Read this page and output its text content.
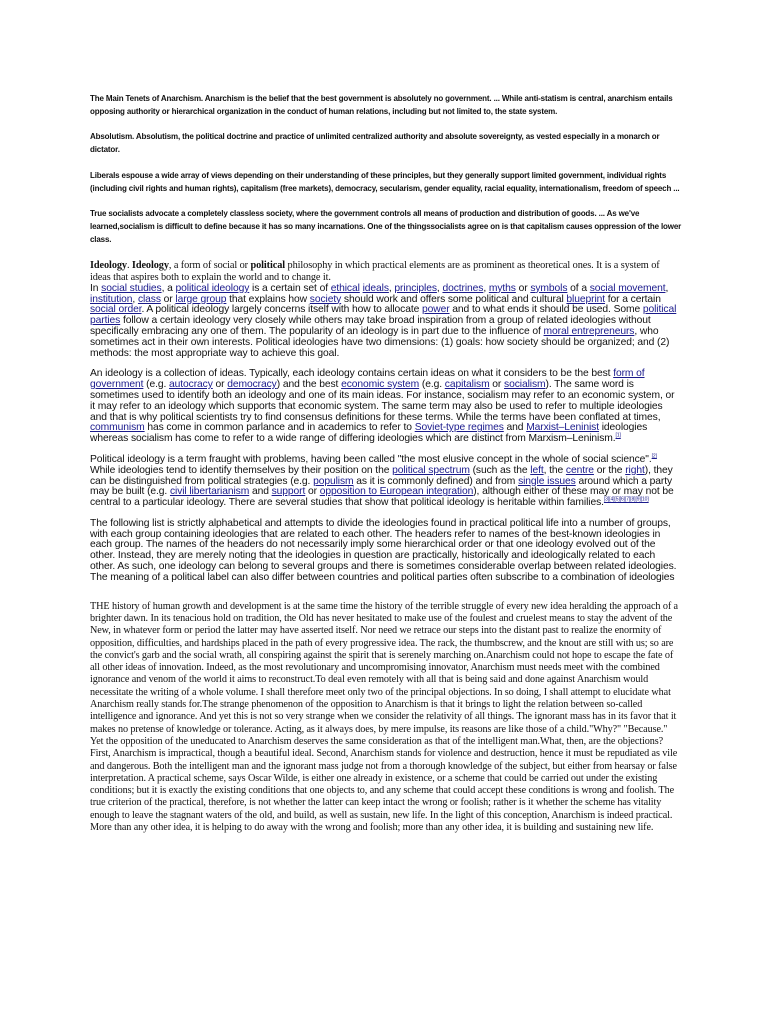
The Main Tenets of Anarchism. Anarchism is the belief that the best government is absolutely no government. ... While anti-statism is central, anarchism entails opposing authority or hierarchical organization in the conduct of human relations, including but not limited to, the state system.

Absolutism. Absolutism, the political doctrine and practice of unlimited centralized authority and absolute sovereignty, as vested especially in a monarch or dictator.

Liberals espouse a wide array of views depending on their understanding of these principles, but they generally support limited government, individual rights (including civil rights and human rights), capitalism (free markets), democracy, secularism, gender equality, racial equality, internationalism, freedom of speech ...

True socialists advocate a completely classless society, where the government controls all means of production and distribution of goods. ... As we've learned,socialism is difficult to define because it has so many incarnations. One of the thingssocialists agree on is that capitalism causes oppression of the lower class.

Ideology. Ideology, a form of social or political philosophy in which practical elements are as prominent as theoretical ones. It is a system of ideas that aspires both to explain the world and to change it.
In social studies, a political ideology is a certain set of ethical ideals, principles, doctrines, myths or symbols of a social movement, institution, class or large group that explains how society should work and offers some political and cultural blueprint for a certain social order. A political ideology largely concerns itself with how to allocate power and to what ends it should be used. Some political parties follow a certain ideology very closely while others may take broad inspiration from a group of related ideologies without specifically embracing any one of them. The popularity of an ideology is in part due to the influence of moral entrepreneurs, who sometimes act in their own interests. Political ideologies have two dimensions: (1) goals: how society should be organized; and (2) methods: the most appropriate way to achieve this goal.

An ideology is a collection of ideas. Typically, each ideology contains certain ideas on what it considers to be the best form of government (e.g. autocracy or democracy) and the best economic system (e.g. capitalism or socialism). The same word is sometimes used to identify both an ideology and one of its main ideas. For instance, socialism may refer to an economic system, or it may refer to an ideology which supports that economic system. The same term may also be used to refer to multiple ideologies and that is why political scientists try to find consensus definitions for these terms. While the terms have been conflated at times, communism has come in common parlance and in academics to refer to Soviet-type regimes and Marxist–Leninist ideologies whereas socialism has come to refer to a wide range of differing ideologies which are distinct from Marxism–Leninism.[1]

Political ideology is a term fraught with problems, having been called "the most elusive concept in the whole of social science".[2] While ideologies tend to identify themselves by their position on the political spectrum (such as the left, the centre or the right), they can be distinguished from political strategies (e.g. populism as it is commonly defined) and from single issues around which a party may be built (e.g. civil libertarianism and support or opposition to European integration), although either of these may or may not be central to a particular ideology. There are several studies that show that political ideology is heritable within families.[3][4][5][6][7][8][9][10]

The following list is strictly alphabetical and attempts to divide the ideologies found in practical political life into a number of groups, with each group containing ideologies that are related to each other. The headers refer to names of the best-known ideologies in each group. The names of the headers do not necessarily imply some hierarchical order or that one ideology evolved out of the other. Instead, they are merely noting that the ideologies in question are practically, historically and ideologically related to each other. As such, one ideology can belong to several groups and there is sometimes considerable overlap between related ideologies. The meaning of a political label can also differ between countries and political parties often subscribe to a combination of ideologies

THE history of human growth and development is at the same time the history of the terrible struggle of every new idea heralding the approach of a brighter dawn. In its tenacious hold on tradition, the Old has never hesitated to make use of the foulest and cruelest means to stay the advent of the New, in whatever form or period the latter may have asserted itself. Nor need we retrace our steps into the distant past to realize the enormity of opposition, difficulties, and hardships placed in the path of every progressive idea. The rack, the thumbscrew, and the knout are still with us; so are the convict's garb and the social wrath, all conspiring against the spirit that is serenely marching on.Anarchism could not hope to escape the fate of all other ideas of innovation. Indeed, as the most revolutionary and uncompromising innovator, Anarchism must needs meet with the combined ignorance and venom of the world it aims to reconstruct.To deal even remotely with all that is being said and done against Anarchism would necessitate the writing of a whole volume. I shall therefore meet only two of the principal objections. In so doing, I shall attempt to elucidate what Anarchism really stands for.The strange phenomenon of the opposition to Anarchism is that it brings to light the relation between so-called intelligence and ignorance. And yet this is not so very strange when we consider the relativity of all things. The ignorant mass has in its favor that it makes no pretense of knowledge or tolerance. Acting, as it always does, by mere impulse, its reasons are like those of a child."Why?" "Because." Yet the opposition of the uneducated to Anarchism deserves the same consideration as that of the intelligent man.What, then, are the objections? First, Anarchism is impractical, though a beautiful ideal. Second, Anarchism stands for violence and destruction, hence it must be repudiated as vile and dangerous. Both the intelligent man and the ignorant mass judge not from a thorough knowledge of the subject, but either from hearsay or false interpretation. A practical scheme, says Oscar Wilde, is either one already in existence, or a scheme that could be carried out under the existing conditions; but it is exactly the existing conditions that one objects to, and any scheme that could accept these conditions is wrong and foolish. The true criterion of the practical, therefore, is not whether the latter can keep intact the wrong or foolish; rather is it whether the scheme has vitality enough to leave the stagnant waters of the old, and build, as well as sustain, new life. In the light of this conception, Anarchism is indeed practical. More than any other idea, it is helping to do away with the wrong and foolish; more than any other idea, it is building and sustaining new life.
